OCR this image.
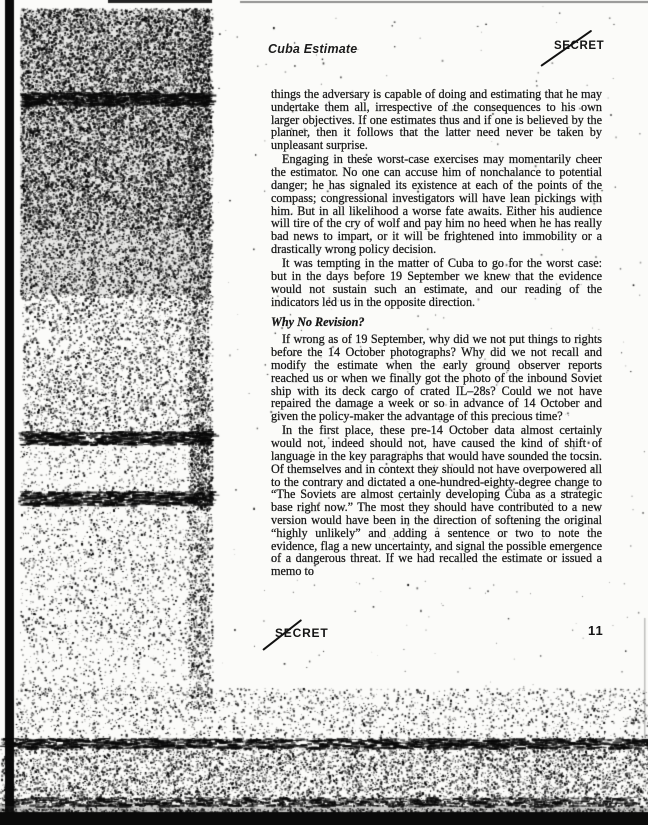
Cuba Estimate	SECRET

things the adversary is capable of doing and estimating that he may undertake them all, irrespective of the consequences to his own larger objectives. If one estimates thus and if one is believed by the planner, then it follows that the latter need never be taken by unpleasant surprise.

Engaging in these worst-case exercises may momentarily cheer the estimator. No one can accuse him of nonchalance to potential danger; he has signaled its existence at each of the points of the compass; congressional investigators will have lean pickings with him. But in all likelihood a worse fate awaits. Either his audience will tire of the cry of wolf and pay him no heed when he has really bad news to impart, or it will be frightened into immobility or a drastically wrong policy decision.

It was tempting in the matter of Cuba to go for the worst case: but in the days before 19 September we knew that the evidence would not sustain such an estimate, and our reading of the indicators led us in the opposite direction.

Why No Revision?

If wrong as of 19 September, why did we not put things to rights before the 14 October photographs? Why did we not recall and modify the estimate when the early ground observer reports reached us or when we finally got the photo of the inbound Soviet ship with its deck cargo of crated IL–28s? Could we not have repaired the damage a week or so in advance of 14 October and given the policy-maker the advantage of this precious time?

In the first place, these pre-14 October data almost certainly would not, indeed should not, have caused the kind of shift of language in the key paragraphs that would have sounded the tocsin. Of themselves and in context they should not have overpowered all to the contrary and dictated a one-hundred-eighty-degree change to “The Soviets are almost certainly developing Cuba as a strategic base right now.” The most they should have contributed to a new version would have been in the direction of softening the original “highly unlikely” and adding a sentence or two to note the evidence, flag a new uncertainty, and signal the possible emergence of a dangerous threat. If we had recalled the estimate or issued a memo to

SECRET	11
